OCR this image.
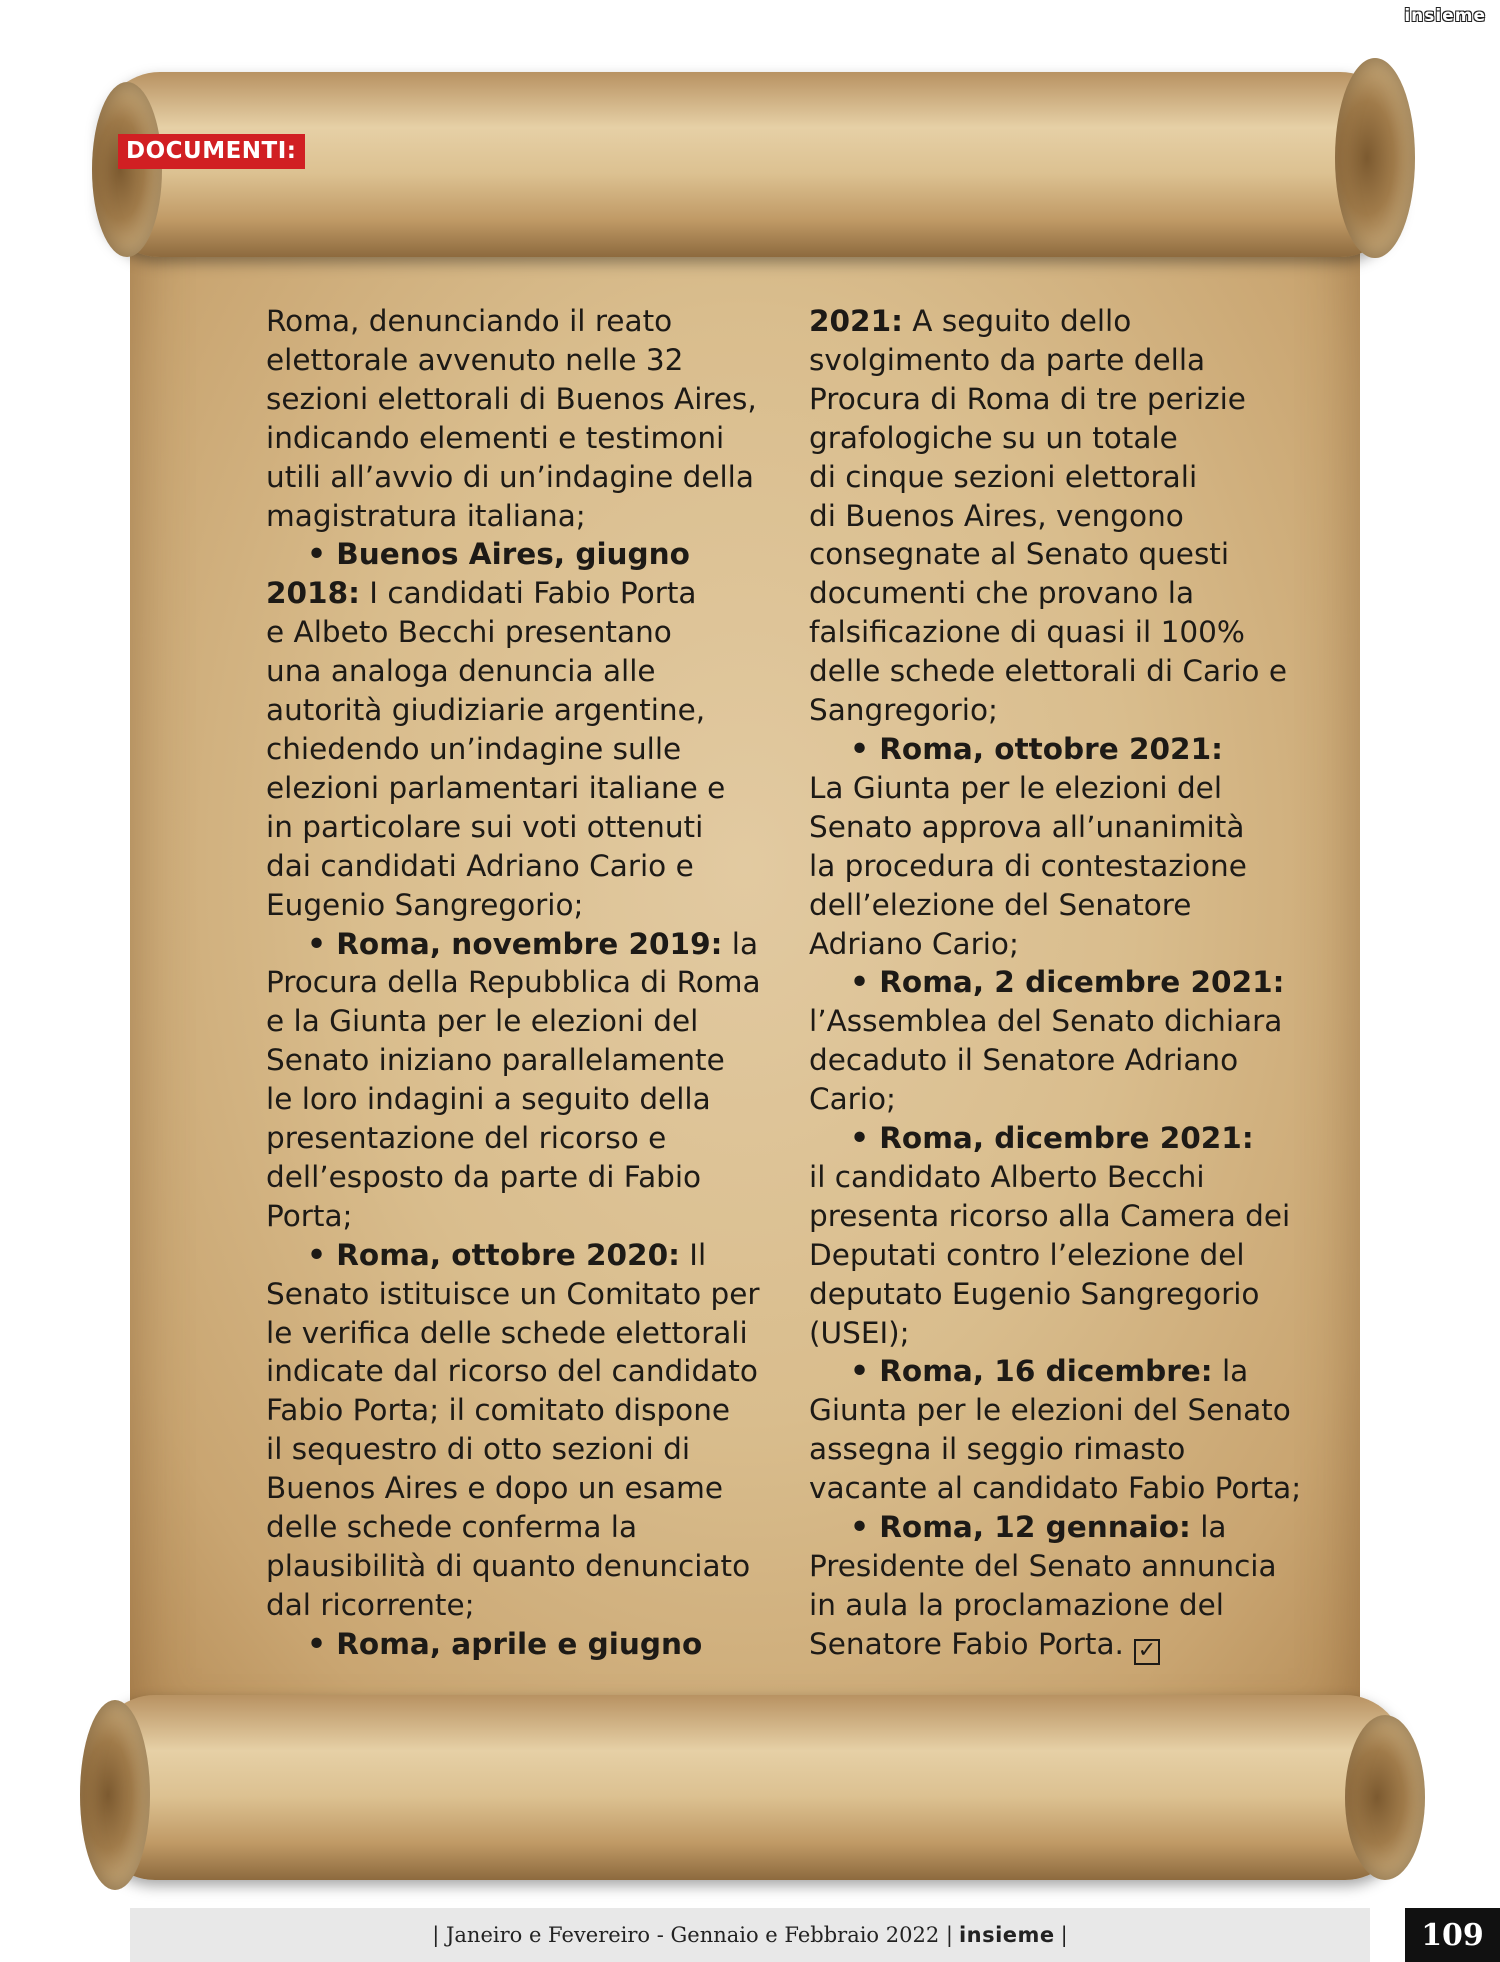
insieme
DOCUMENTI:

Roma, denunciando il reato

elettorale avvenuto nelle 32

sezioni elettorali di Buenos Aires,

indicando elementi e testimoni

utili all’avvio di un’indagine della

magistratura italiana;

• Buenos Aires, giugno

2018: I candidati Fabio Porta

e Albeto Becchi presentano

una analoga denuncia alle

autorità giudiziarie argentine,

chiedendo un’indagine sulle

elezioni parlamentari italiane e

in particolare sui voti ottenuti

dai candidati Adriano Cario e

Eugenio Sangregorio;

• Roma, novembre 2019: la

Procura della Repubblica di Roma

e la Giunta per le elezioni del

Senato iniziano parallelamente

le loro indagini a seguito della

presentazione del ricorso e

dell’esposto da parte di Fabio

Porta;

• Roma, ottobre 2020: Il

Senato istituisce un Comitato per

le verifica delle schede elettorali

indicate dal ricorso del candidato

Fabio Porta; il comitato dispone

il sequestro di otto sezioni di

Buenos Aires e dopo un esame

delle schede conferma la

plausibilità di quanto denunciato

dal ricorrente;

• Roma, aprile e giugno

2021: A seguito dello

svolgimento da parte della

Procura di Roma di tre perizie

grafologiche su un totale

di cinque sezioni elettorali

di Buenos Aires, vengono

consegnate al Senato questi

documenti che provano la

falsificazione di quasi il 100%

delle schede elettorali di Cario e

Sangregorio;

• Roma, ottobre 2021:

La Giunta per le elezioni del

Senato approva all’unanimità

la procedura di contestazione

dell’elezione del Senatore

Adriano Cario;

• Roma, 2 dicembre 2021:

l’Assemblea del Senato dichiara

decaduto il Senatore Adriano

Cario;

• Roma, dicembre 2021:

il candidato Alberto Becchi

presenta ricorso alla Camera dei

Deputati contro l’elezione del

deputato Eugenio Sangregorio

(USEI);

• Roma, 16 dicembre: la

Giunta per le elezioni del Senato

assegna il seggio rimasto

vacante al candidato Fabio Porta;

• Roma, 12 gennaio: la

Presidente del Senato annuncia

in aula la proclamazione del

Senatore Fabio Porta. ✓

| Janeiro e Fevereiro - Gennaio e Febbraio 2022 | insieme |	109
